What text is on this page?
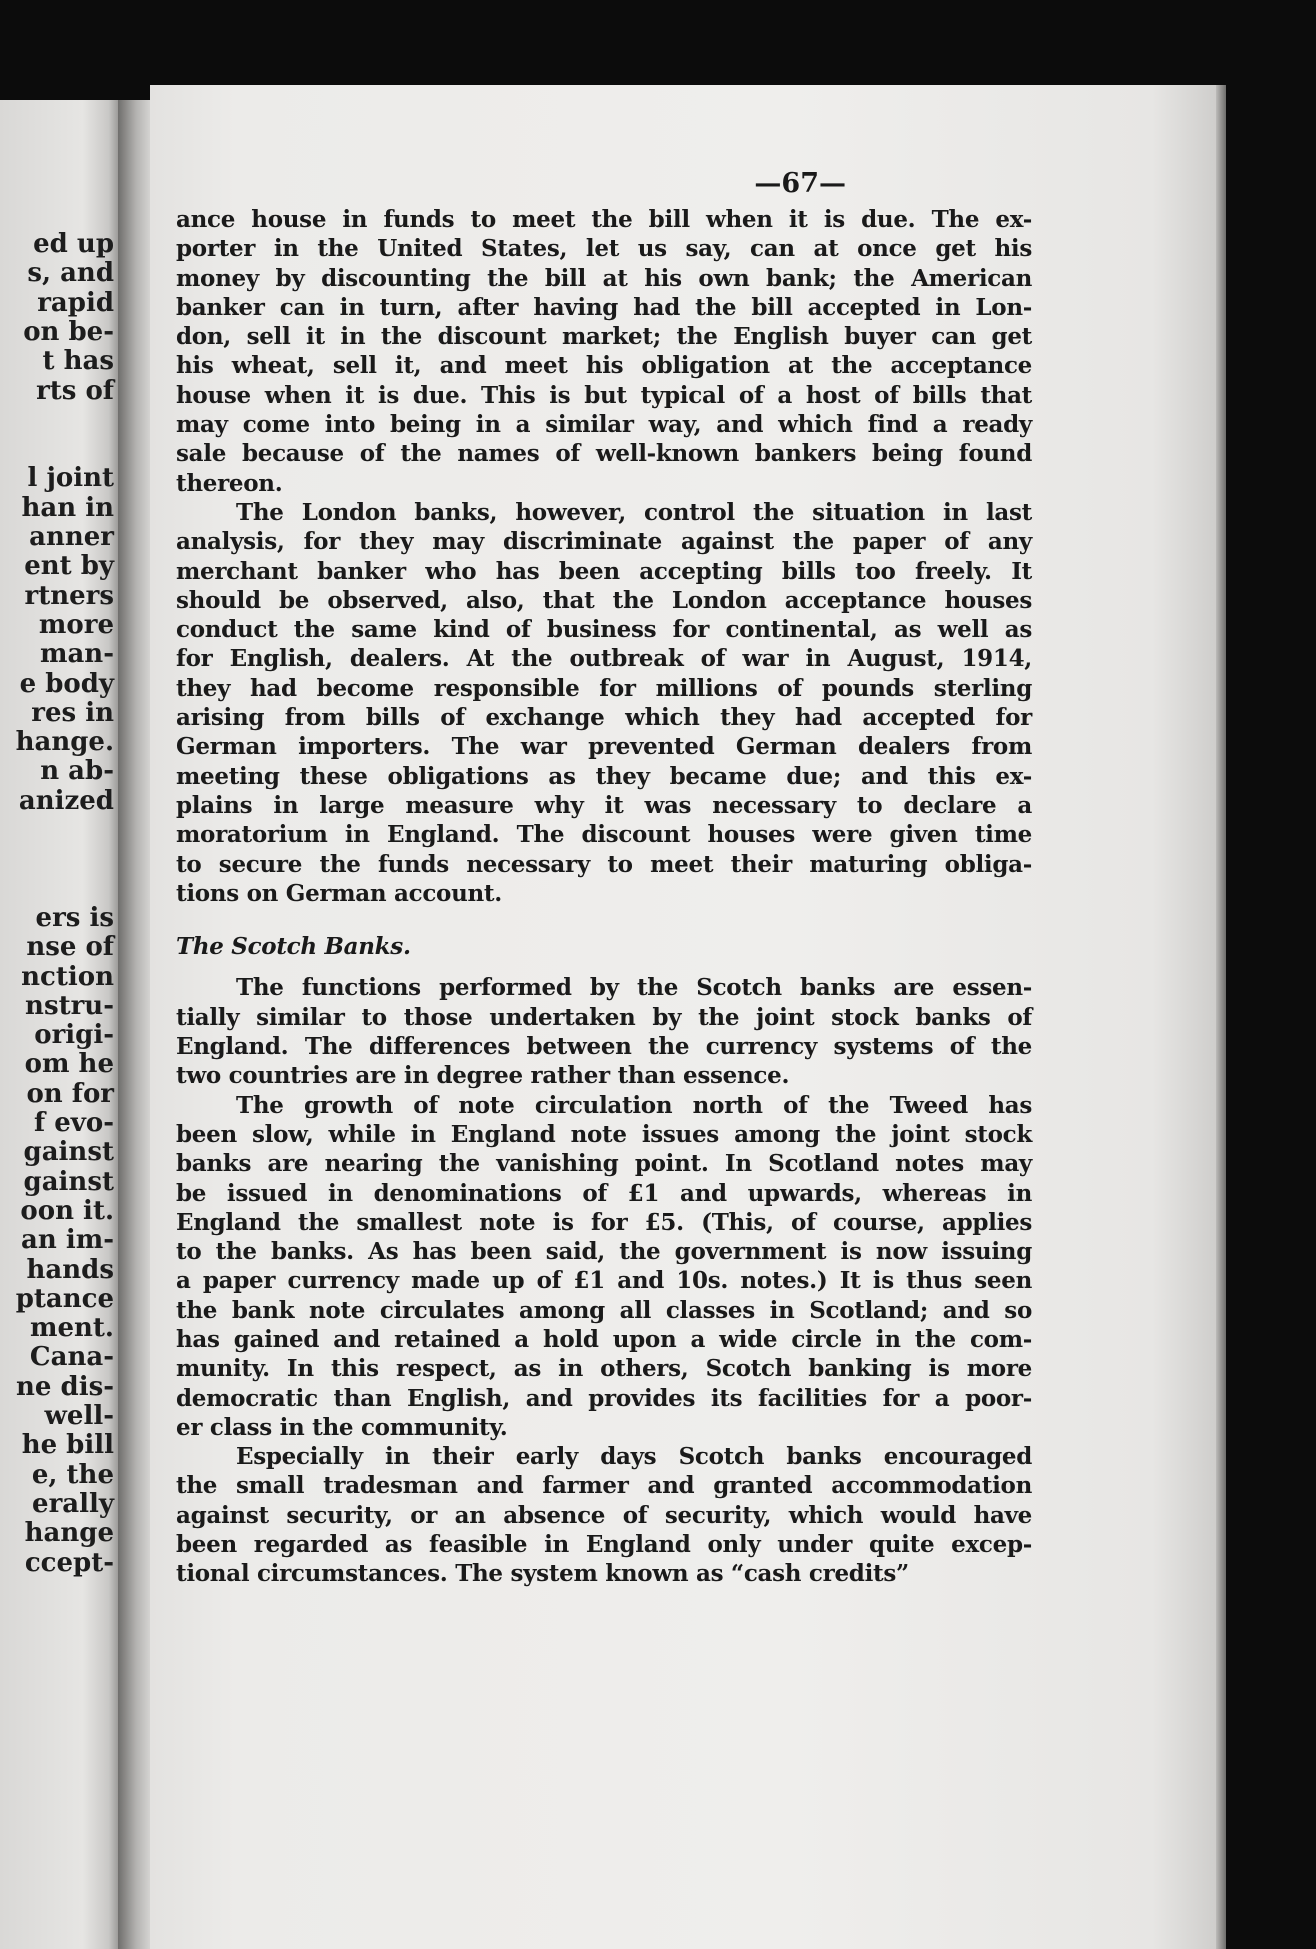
ed up
s, and
rapid
on be-
t has
rts of
l joint
han in
anner
ent by
rtners
more
man-
e body
res in
hange.
n ab-
anized
ers is
nse of
nction
nstru-
origi-
om he
on for
f evo-
gainst
gainst
oon it.
an im-
hands
ptance
ment.
Cana-
ne dis-
well-
he bill
e, the
erally
hange
ccept-
—67—
ance house in funds to meet the bill when it is due. The ex-
porter in the United States, let us say, can at once get his
money by discounting the bill at his own bank; the American
banker can in turn, after having had the bill accepted in Lon-
don, sell it in the discount market; the English buyer can get
his wheat, sell it, and meet his obligation at the acceptance
house when it is due. This is but typical of a host of bills that
may come into being in a similar way, and which find a ready
sale because of the names of well-known bankers being found
thereon.
The London banks, however, control the situation in last
analysis, for they may discriminate against the paper of any
merchant banker who has been accepting bills too freely. It
should be observed, also, that the London acceptance houses
conduct the same kind of business for continental, as well as
for English, dealers. At the outbreak of war in August, 1914,
they had become responsible for millions of pounds sterling
arising from bills of exchange which they had accepted for
German importers. The war prevented German dealers from
meeting these obligations as they became due; and this ex-
plains in large measure why it was necessary to declare a
moratorium in England. The discount houses were given time
to secure the funds necessary to meet their maturing obliga-
tions on German account.
The Scotch Banks.
The functions performed by the Scotch banks are essen-
tially similar to those undertaken by the joint stock banks of
England. The differences between the currency systems of the
two countries are in degree rather than essence.
The growth of note circulation north of the Tweed has
been slow, while in England note issues among the joint stock
banks are nearing the vanishing point. In Scotland notes may
be issued in denominations of £1 and upwards, whereas in
England the smallest note is for £5. (This, of course, applies
to the banks. As has been said, the government is now issuing
a paper currency made up of £1 and 10s. notes.) It is thus seen
the bank note circulates among all classes in Scotland; and so
has gained and retained a hold upon a wide circle in the com-
munity. In this respect, as in others, Scotch banking is more
democratic than English, and provides its facilities for a poor-
er class in the community.
Especially in their early days Scotch banks encouraged
the small tradesman and farmer and granted accommodation
against security, or an absence of security, which would have
been regarded as feasible in England only under quite excep-
tional circumstances. The system known as “cash credits”
